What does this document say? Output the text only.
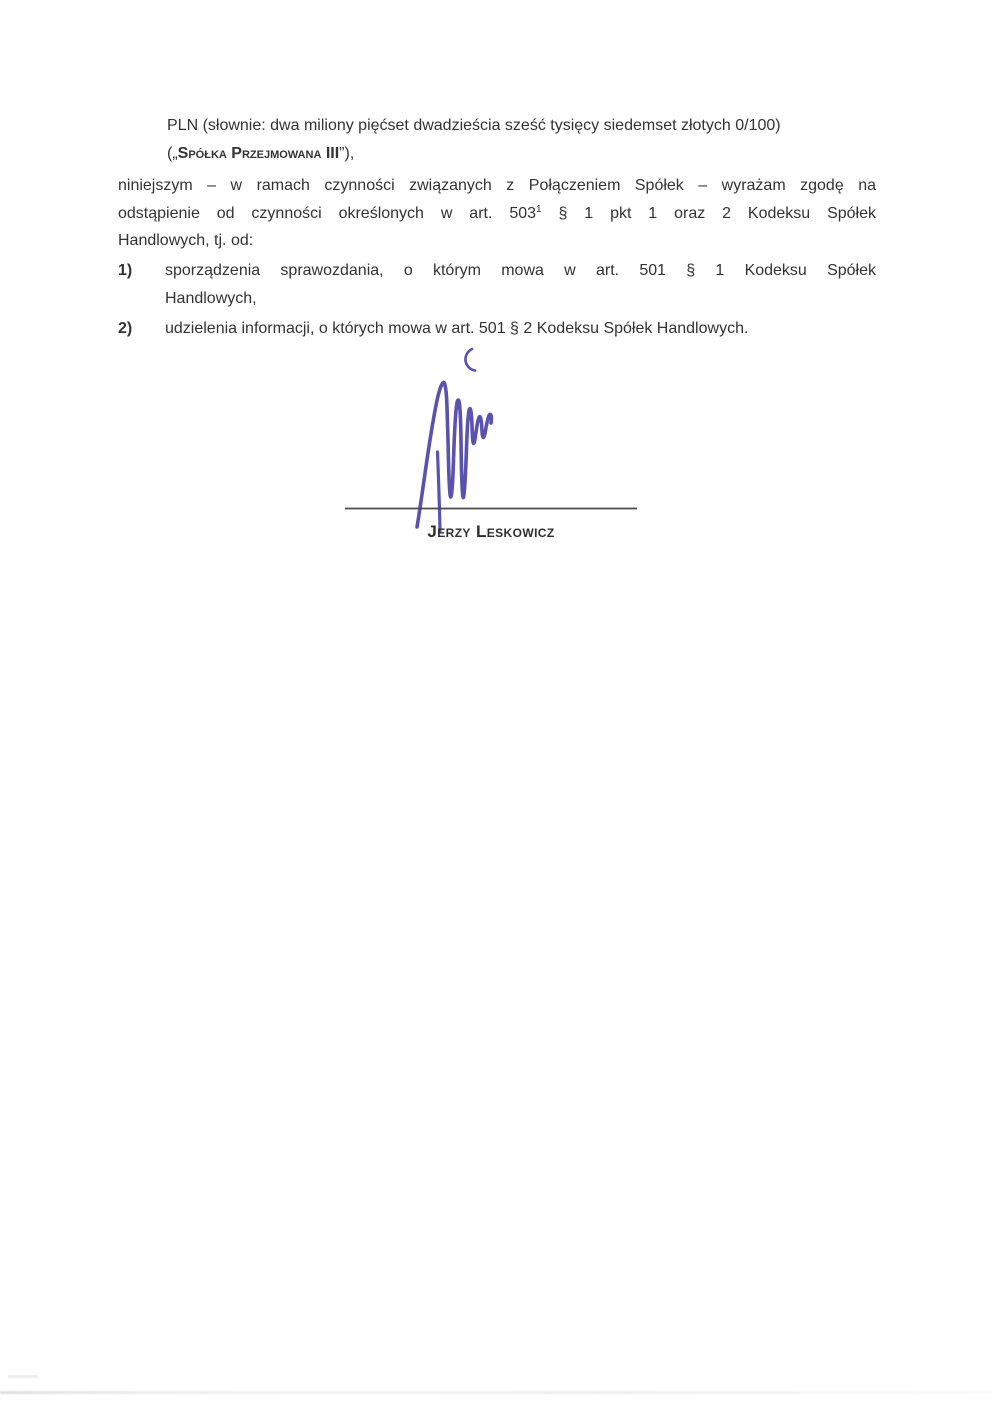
PLN (słownie: dwa miliony pięćset dwadzieścia sześć tysięcy siedemset złotych 0/100)
(„Spółka Przejmowana III”),
niniejszym – w ramach czynności związanych z Połączeniem Spółek – wyrażam zgodę na
odstąpienie od czynności określonych w art. 503$^1$ § 1 pkt 1 oraz 2 Kodeksu Spółek
Handlowych, tj. od:
1) sporządzenia sprawozdania, o którym mowa w art. 501 § 1 Kodeksu Spółek
Handlowych,
2) udzielenia informacji, o których mowa w art. 501 § 2 Kodeksu Spółek Handlowych.
Jerzy Leskowicz
